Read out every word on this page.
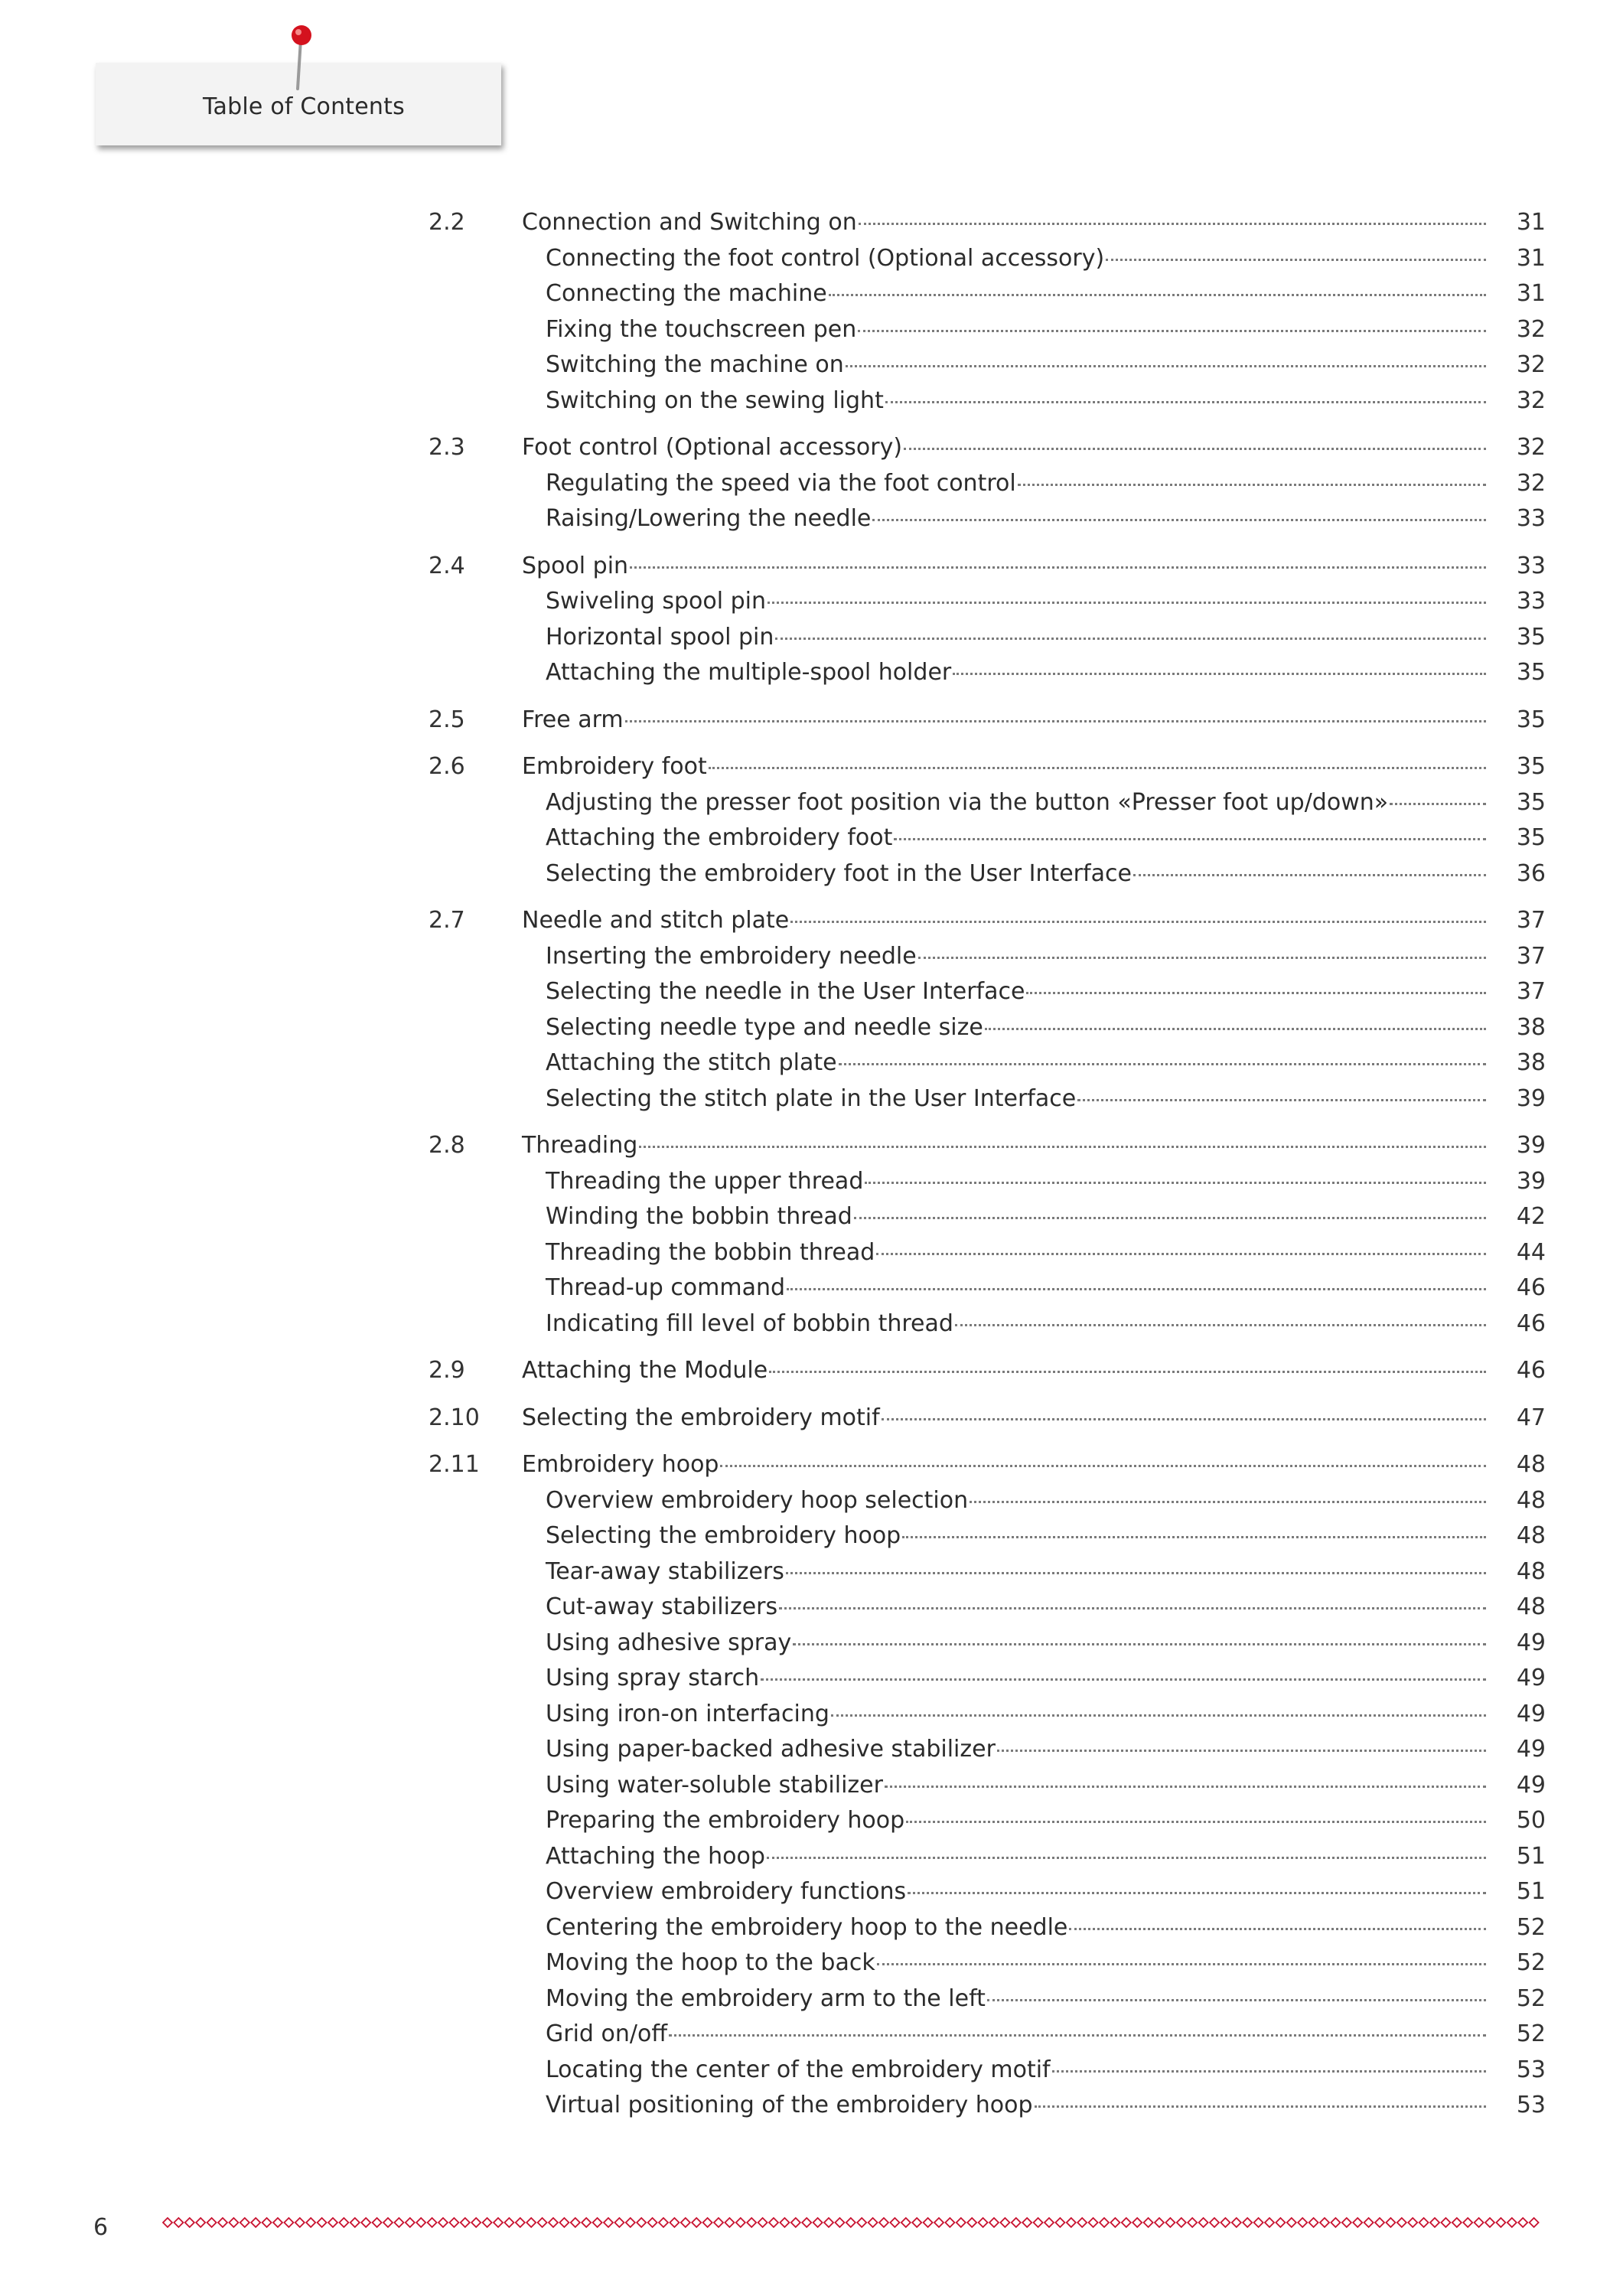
Table of Contents
2.2	Connection and Switching on	31
Connecting the foot control (Optional accessory)	31
Connecting the machine	31
Fixing the touchscreen pen	32
Switching the machine on	32
Switching on the sewing light	32
2.3	Foot control (Optional accessory)	32
Regulating the speed via the foot control	32
Raising/Lowering the needle	33
2.4	Spool pin	33
Swiveling spool pin	33
Horizontal spool pin	35
Attaching the multiple-spool holder	35
2.5	Free arm	35
2.6	Embroidery foot	35
Adjusting the presser foot position via the button «Presser foot up/down»	35
Attaching the embroidery foot	35
Selecting the embroidery foot in the User Interface	36
2.7	Needle and stitch plate	37
Inserting the embroidery needle	37
Selecting the needle in the User Interface	37
Selecting needle type and needle size	38
Attaching the stitch plate	38
Selecting the stitch plate in the User Interface	39
2.8	Threading	39
Threading the upper thread	39
Winding the bobbin thread	42
Threading the bobbin thread	44
Thread-up command	46
Indicating fill level of bobbin thread	46
2.9	Attaching the Module	46
2.10	Selecting the embroidery motif	47
2.11	Embroidery hoop	48
Overview embroidery hoop selection	48
Selecting the embroidery hoop	48
Tear-away stabilizers	48
Cut-away stabilizers	48
Using adhesive spray	49
Using spray starch	49
Using iron-on interfacing	49
Using paper-backed adhesive stabilizer	49
Using water-soluble stabilizer	49
Preparing the embroidery hoop	50
Attaching the hoop	51
Overview embroidery functions	51
Centering the embroidery hoop to the needle	52
Moving the hoop to the back	52
Moving the embroidery arm to the left	52
Grid on/off	52
Locating the center of the embroidery motif	53
Virtual positioning of the embroidery hoop	53
6
